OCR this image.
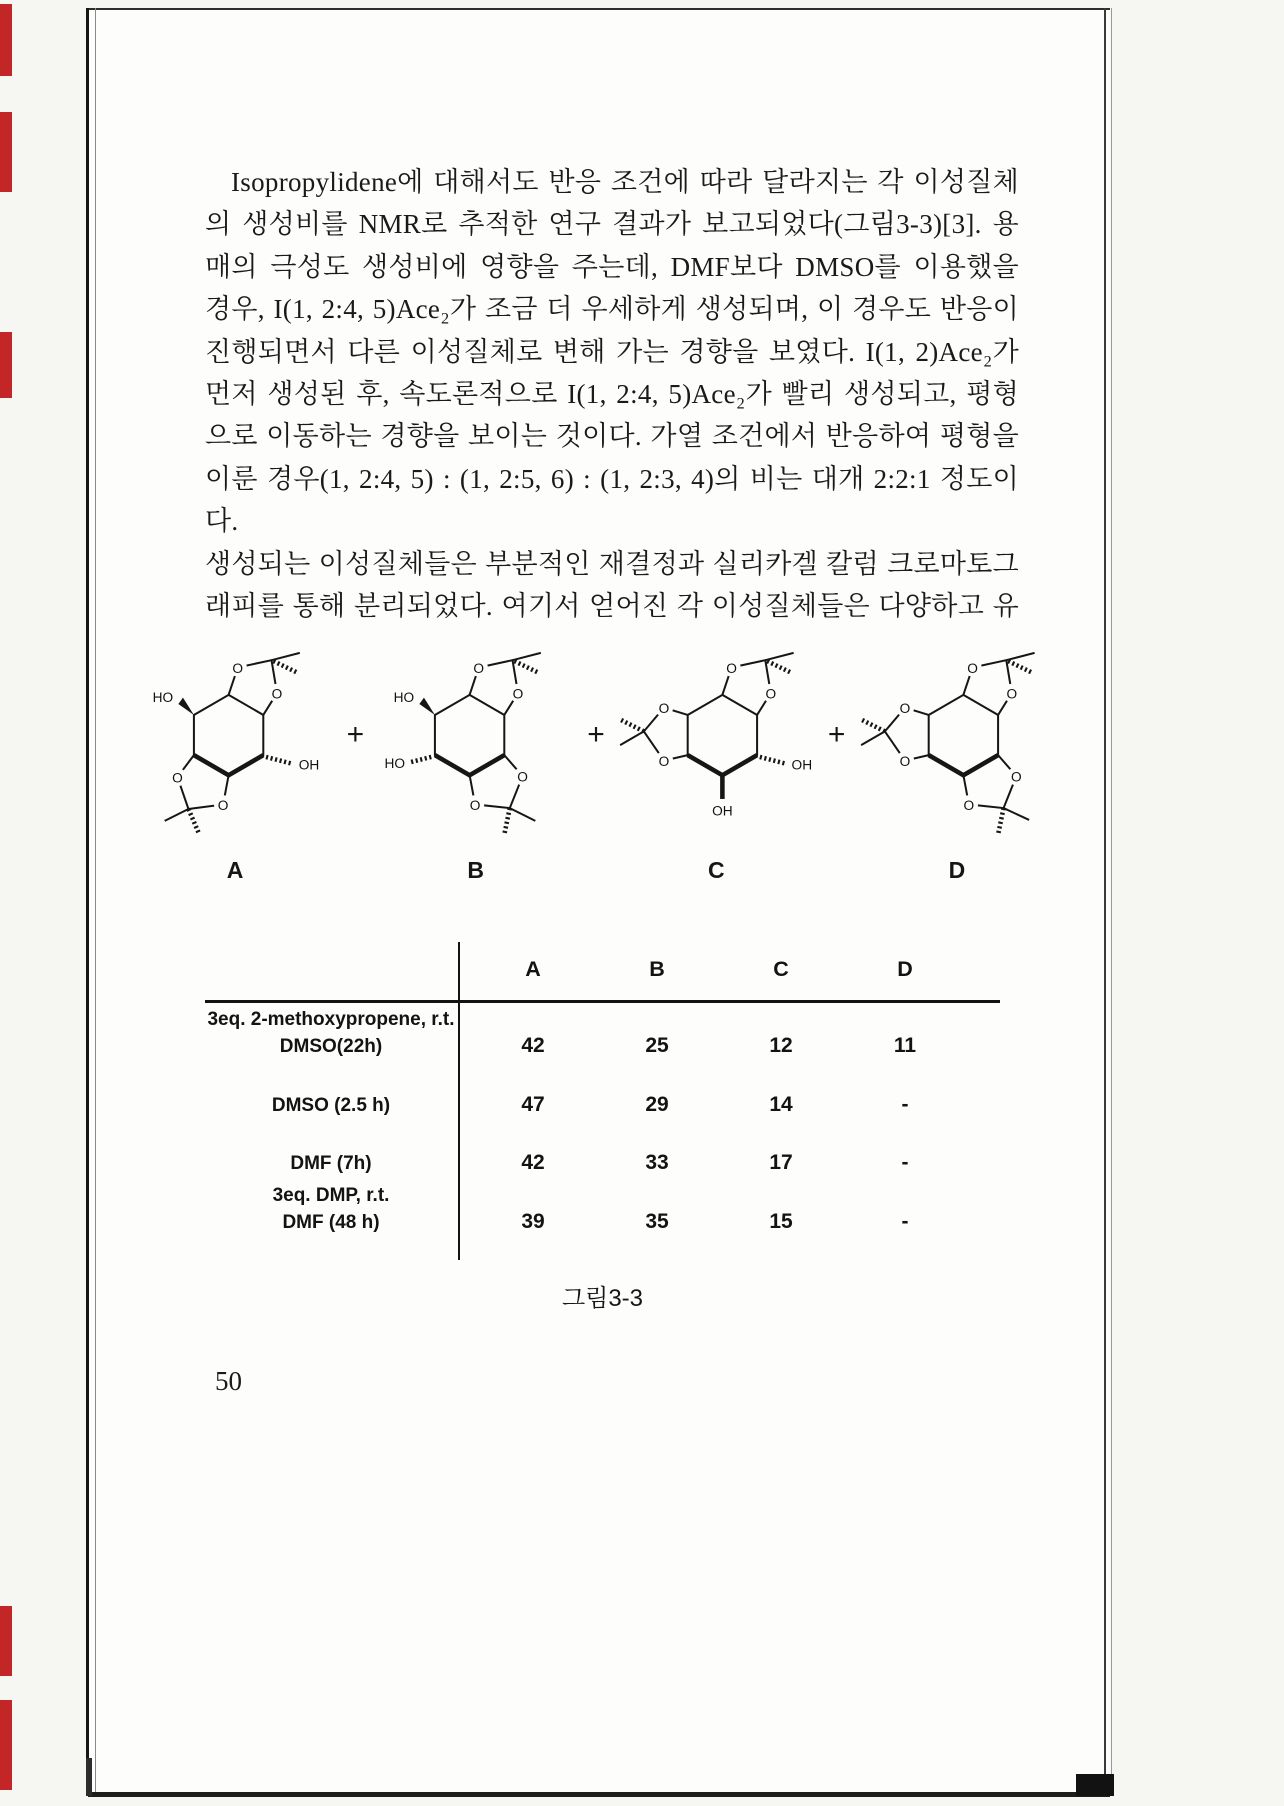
Isopropylidene에 대해서도 반응 조건에 따라 달라지는 각 이성질체
의 생성비를 NMR로 추적한 연구 결과가 보고되었다(그림3-3)[3]. 용
매의 극성도 생성비에 영향을 주는데, DMF보다 DMSO를 이용했을
경우, I(1, 2:4, 5)Ace₂가 조금 더 우세하게 생성되며, 이 경우도 반응이
진행되면서 다른 이성질체로 변해 가는 경향을 보였다. I(1, 2)Ace₂가
먼저 생성된 후, 속도론적으로 I(1, 2:4, 5)Ace₂가 빨리 생성되고, 평형
으로 이동하는 경향을 보이는 것이다. 가열 조건에서 반응하여 평형을
이룬 경우(1, 2:4, 5) : (1, 2:5, 6) : (1, 2:3, 4)의 비는 대개 2:2:1 정도이다.
생성되는 이성질체들은 부분적인 재결정과 실리카겔 칼럼 크로마토그
래피를 통해 분리되었다. 여기서 얻어진 각 이성질체들은 다양하고 유
O
O
O
O
HO
OH
A
+
O
O
O
O
HO
HO
B
+
O
O
O
O	OH
OH
C
+
O
O
O
O
O
O
D
A	B	C	D
3eq. 2-methoxypropene, r.t.
DMSO(22h)	42	25	12	11
DMSO (2.5 h)	47	29	14	-
DMF (7h)	42	33	17	-
3eq. DMP, r.t.
DMF (48 h)	39	35	15	-
그림3-3
50
